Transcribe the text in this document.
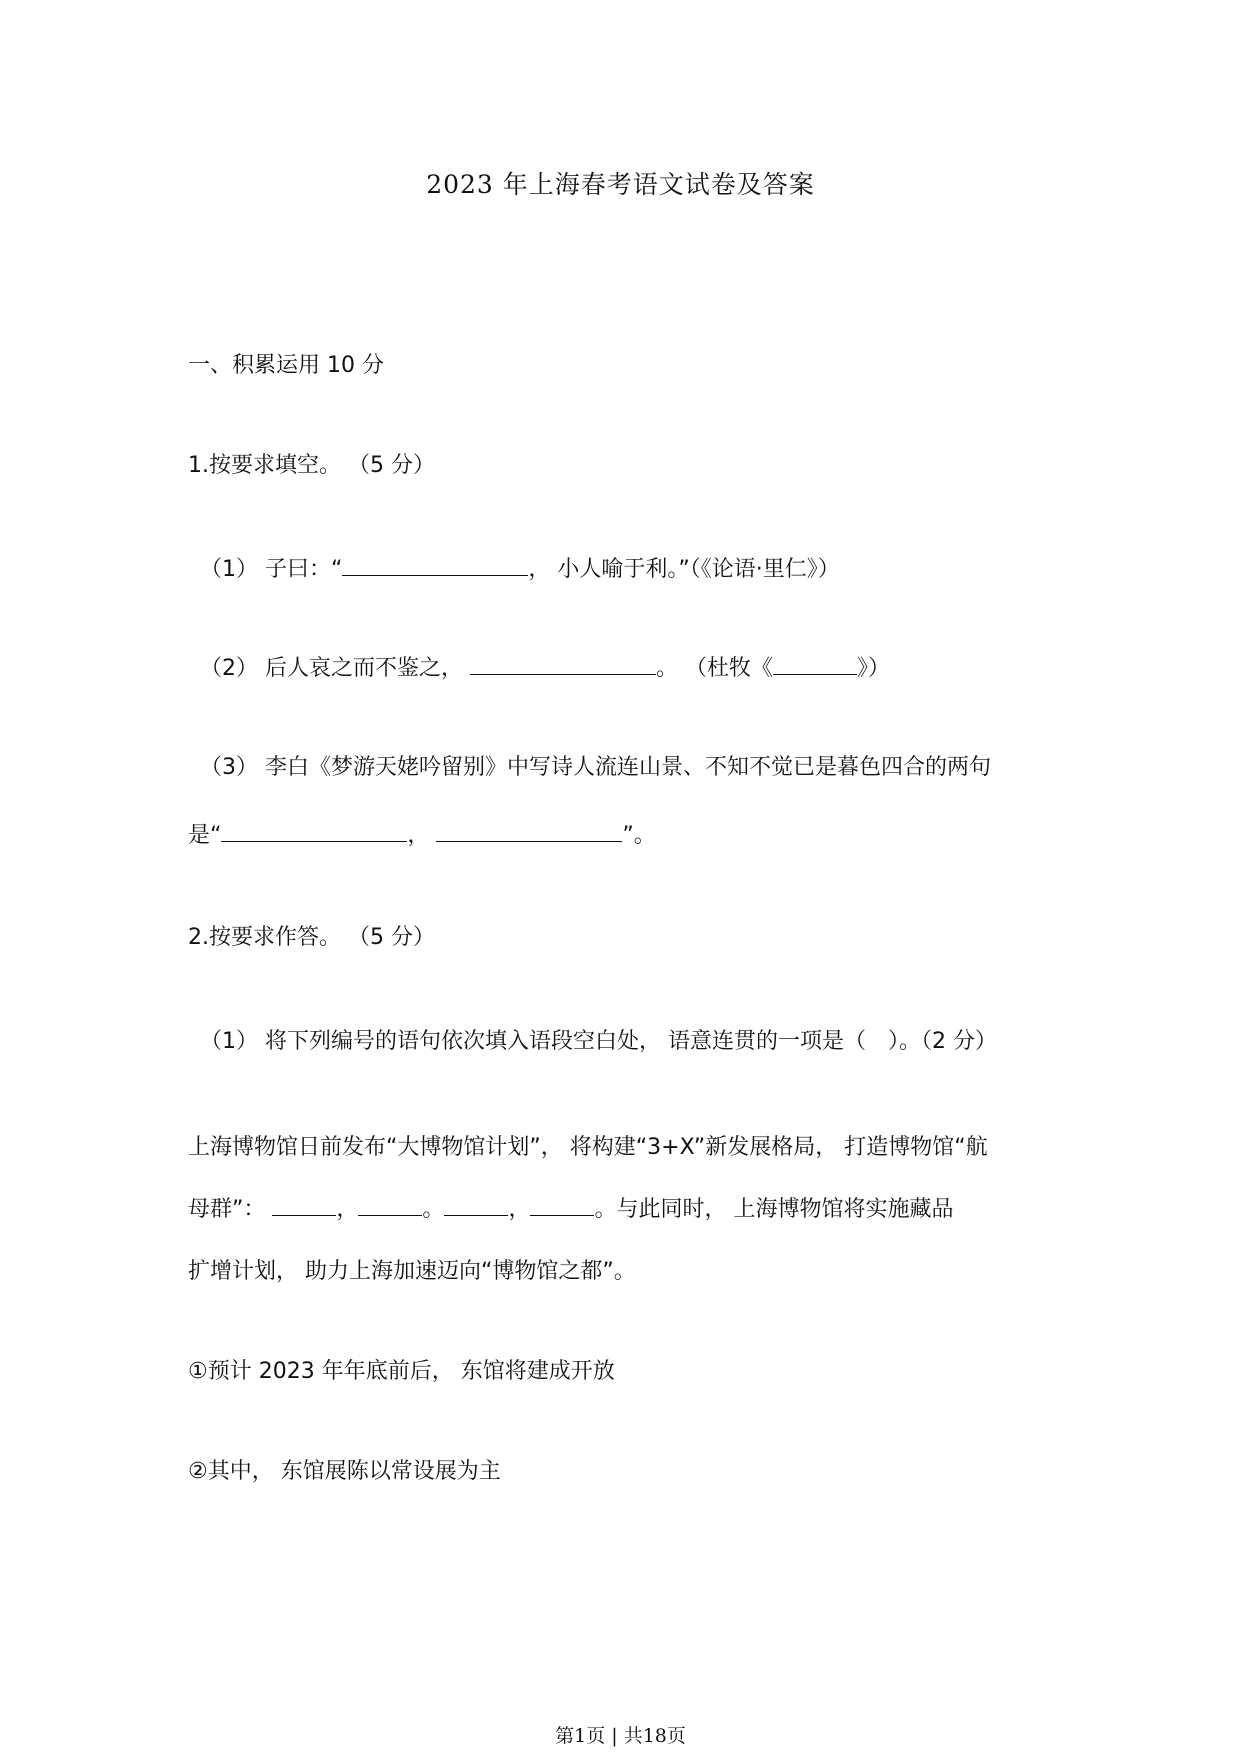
2023 年上海春考语文试卷及答案
一、积累运用 10 分
1.按要求填空。 （5 分）
（1） 子曰：“	， 小人喻于利。”（《论语·里仁》）
（2） 后人哀之而不鉴之，	。 （杜牧《	》）
（3） 李白《梦游天姥吟留别》中写诗人流连山景、不知不觉已是暮色四合的两句
是“	，	”。
2.按要求作答。 （5 分）
（1） 将下列编号的语句依次填入语段空白处， 语意连贯的一项是（　）。（2 分）
上海博物馆日前发布“大博物馆计划”， 将构建“3+X”新发展格局， 打造博物馆“航
母群”：	，	。	，	。与此同时， 上海博物馆将实施藏品
扩增计划， 助力上海加速迈向“博物馆之都”。
①预计 2023 年年底前后， 东馆将建成开放
②其中， 东馆展陈以常设展为主
第1页 | 共18页
